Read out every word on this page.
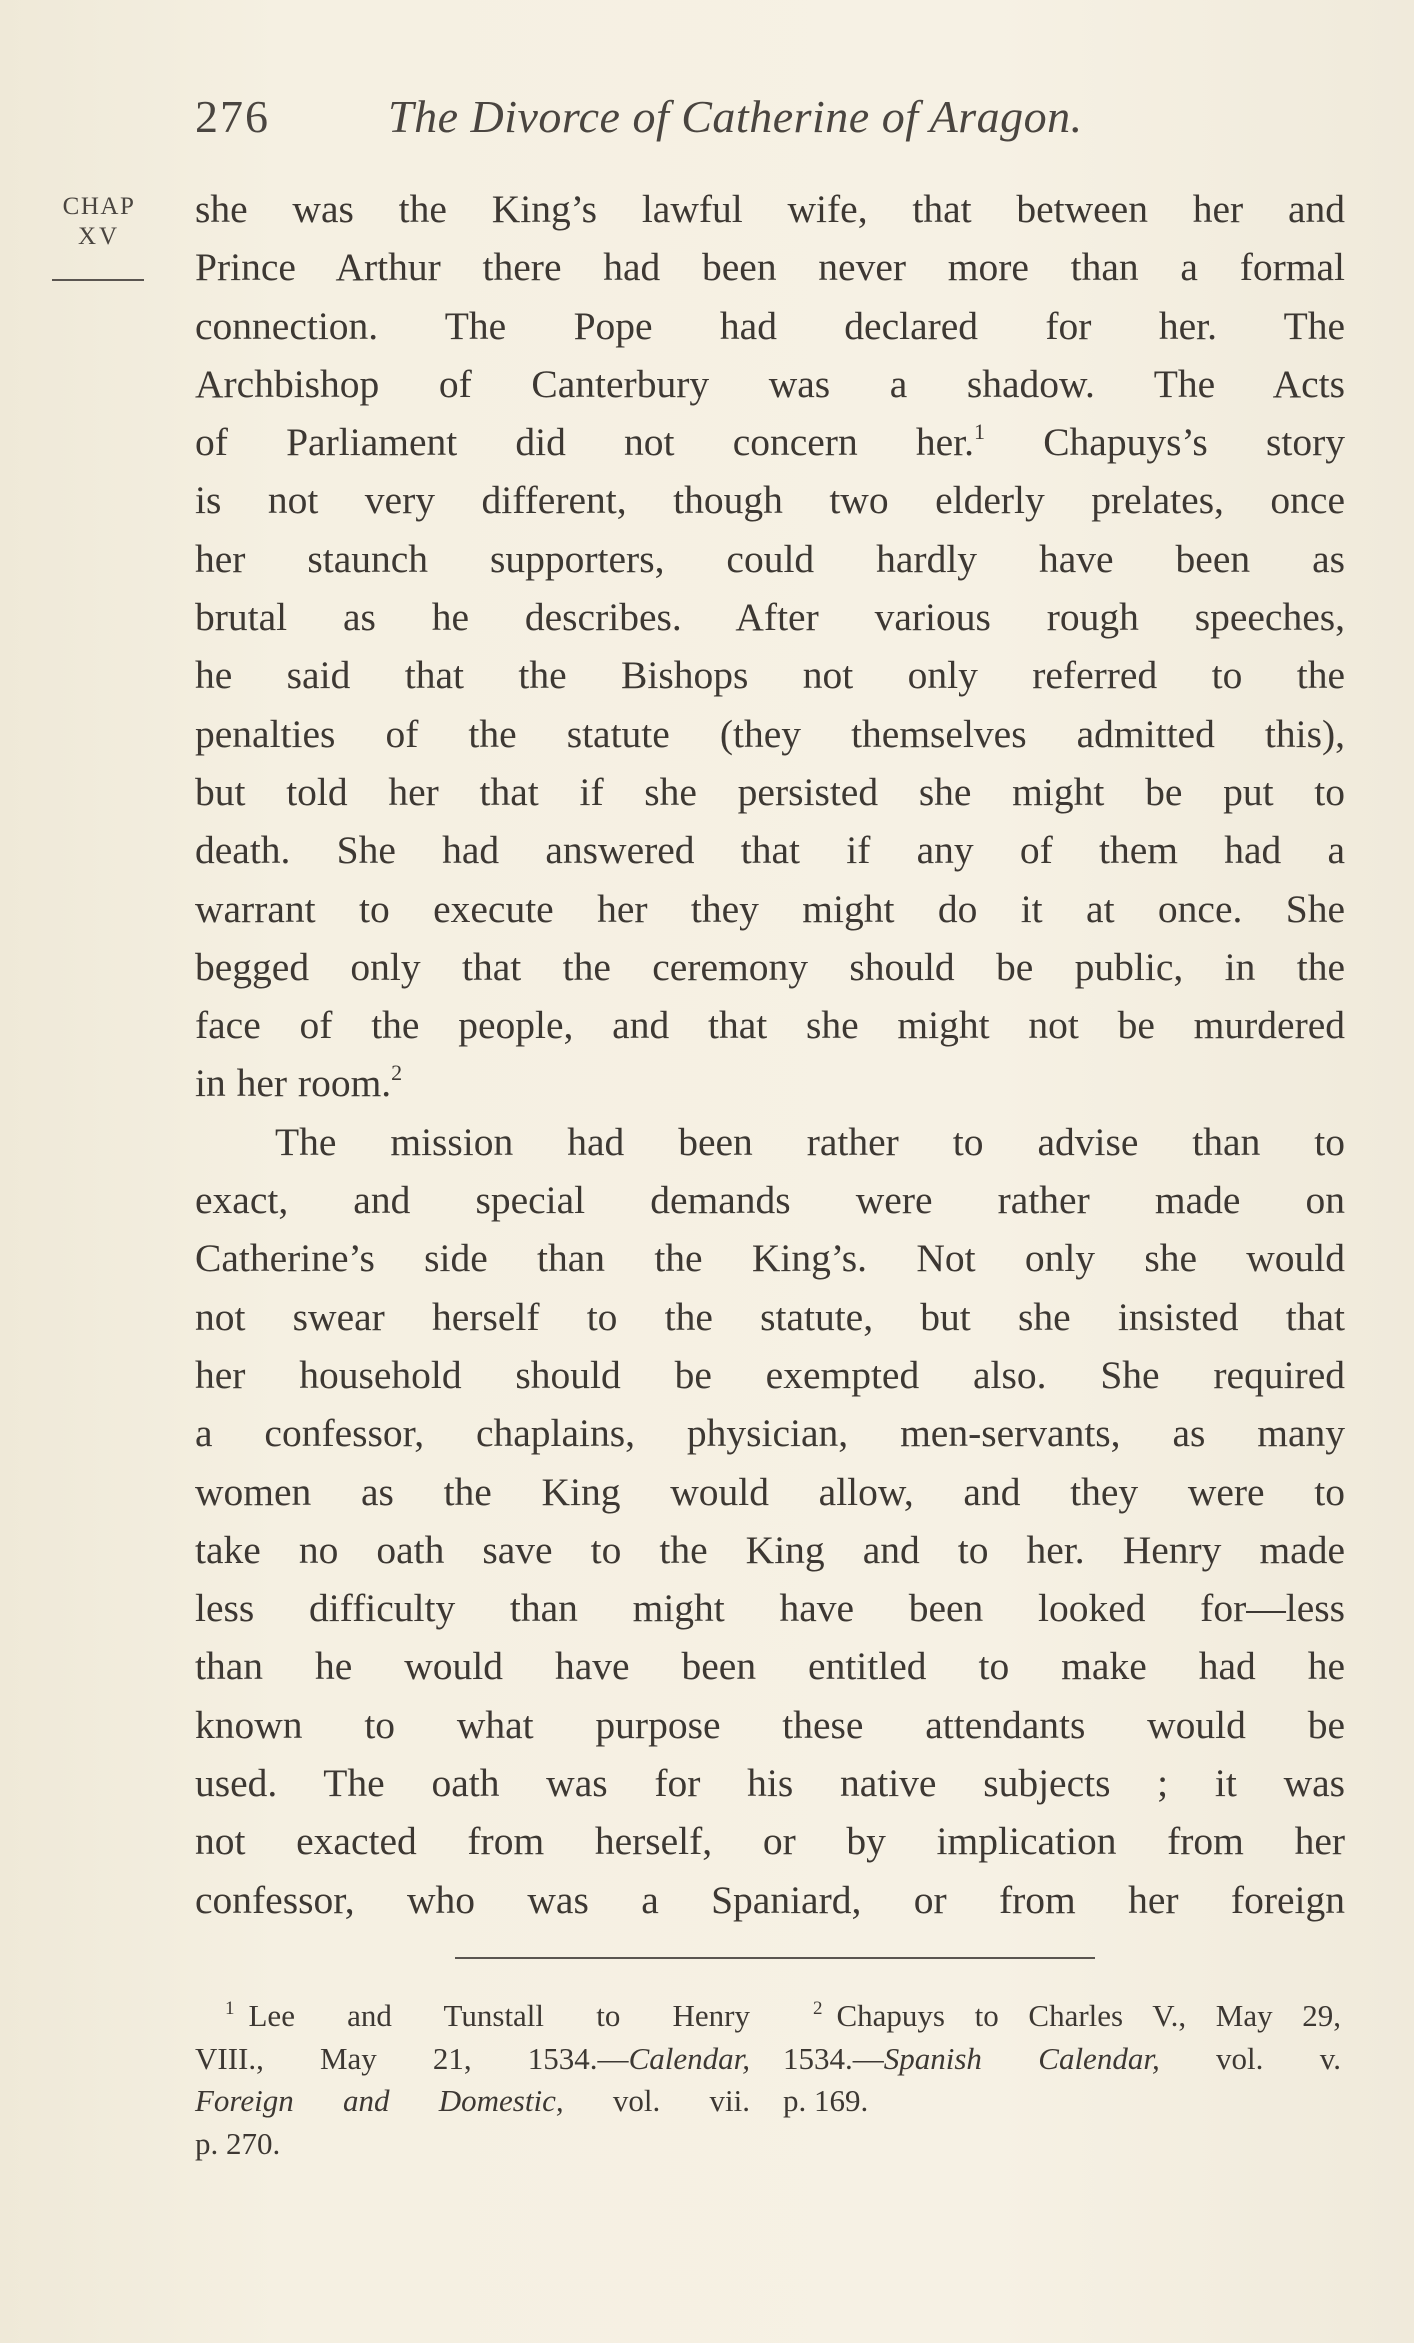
276	The Divorce of Catherine of Aragon.
CHAP
XV
she was the King’s lawful wife, that between her and
Prince Arthur there had been never more than a formal
connection. The Pope had declared for her. The
Archbishop of Canterbury was a shadow. The Acts
of Parliament did not concern her.$^1$ Chapuys’s story
is not very different, though two elderly prelates, once
her staunch supporters, could hardly have been as
brutal as he describes. After various rough speeches,
he said that the Bishops not only referred to the
penalties of the statute (they themselves admitted this),
but told her that if she persisted she might be put to
death. She had answered that if any of them had a
warrant to execute her they might do it at once. She
begged only that the ceremony should be public, in the
face of the people, and that she might not be murdered
in her room.$^2$
The mission had been rather to advise than to
exact, and special demands were rather made on
Catherine’s side than the King’s. Not only she would
not swear herself to the statute, but she insisted that
her household should be exempted also. She required
a confessor, chaplains, physician, men-servants, as many
women as the King would allow, and they were to
take no oath save to the King and to her. Henry made
less difficulty than might have been looked for—less
than he would have been entitled to make had he
known to what purpose these attendants would be
used. The oath was for his native subjects ; it was
not exacted from herself, or by implication from her
confessor, who was a Spaniard, or from her foreign
$^1$ Lee and Tunstall to Henry
VIII., May 21, 1534.—Calendar,
Foreign and Domestic, vol. vii.
p. 270.
$^2$ Chapuys to Charles V., May 29,
1534.—Spanish Calendar, vol. v.
p. 169.
